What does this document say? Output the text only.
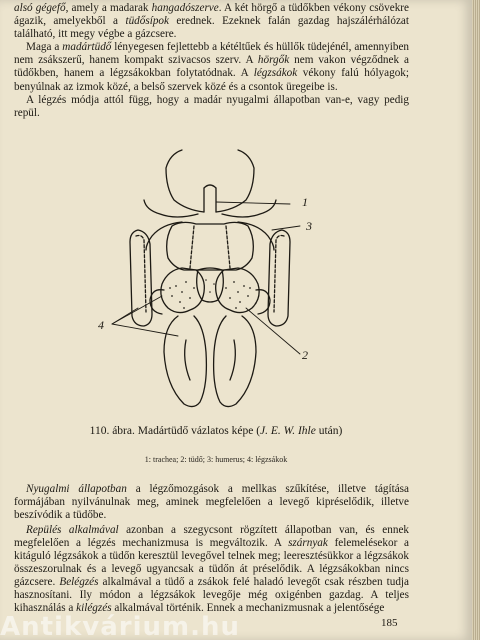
alsó gégefő, amely a madarak hangadószerve. A két hörgő a tüdőkben vékony csövekre ágazik, amelyekből a tüdősípok erednek. Ezeknek falán gazdag hajszálérhálózat található, itt megy végbe a gázcsere.

Maga a madártüdő lényegesen fejlettebb a kétéltűek és hüllők tüdejénél, amennyiben nem zsákszerű, hanem kompakt szivacsos szerv. A hörgők nem vakon végződnek a tüdőkben, hanem a légzsákokban folytatódnak. A légzsákok vékony falú hólyagok; benyúlnak az izmok közé, a belső szervek közé és a csontok üregeibe is.

A légzés módja attól függ, hogy a madár nyugalmi állapotban van-e, vagy pedig repül.

1
3
4
2
110. ábra. Madártüdő vázlatos képe (J. E. W. Ihle után)
1: trachea; 2: tüdő; 3: humerus; 4: légzsákok

Nyugalmi állapotban a légzőmozgások a mellkas szűkítése, illetve tágítása formájában nyilvánulnak meg, aminek megfelelően a levegő kipréselődik, illetve beszívódik a tüdőbe.

Repülés alkalmával azonban a szegycsont rögzített állapotban van, és ennek megfelelően a légzés mechanizmusa is megváltozik. A szárnyak felemelésekor a kitáguló légzsákok a tüdőn keresztül levegővel telnek meg; leeresztésükkor a légzsákok összeszorulnak és a levegő ugyancsak a tüdőn át préselődik. A légzsákokban nincs gázcsere. Belégzés alkalmával a tüdő a zsákok felé haladó levegőt csak részben tudja hasznosítani. Ily módon a légzsákok levegője még oxigénben gazdag. A teljes kihasználás a kilégzés alkalmával történik. Ennek a mechanizmusnak a jelentősége

185
Antikvárium.hu
